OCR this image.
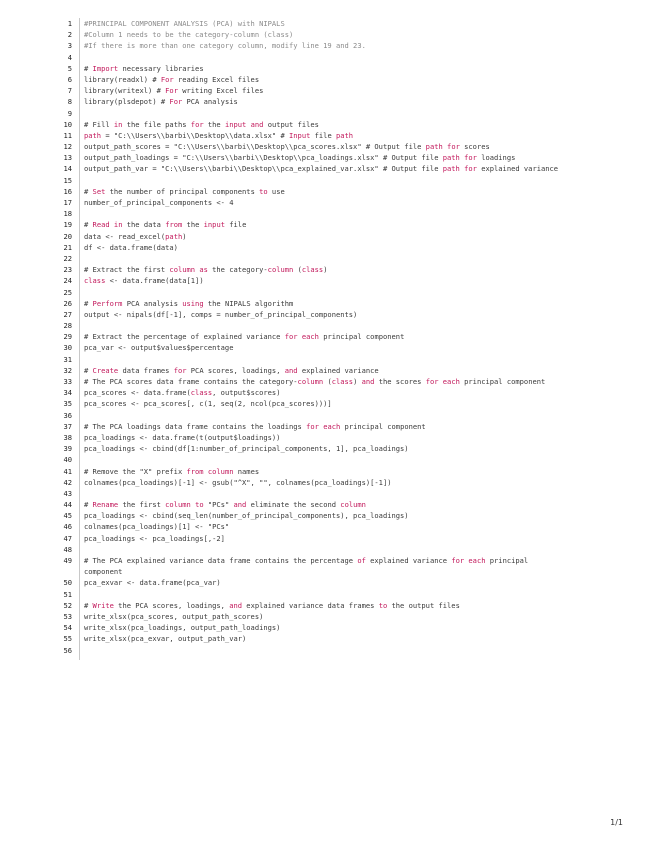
1 #PRINCIPAL COMPONENT ANALYSIS (PCA) with NIPALS
2 #Column 1 needs to be the category-column (class)
3 #If there is more than one category column, modify line 19 and 23.
4
5 # Import necessary libraries
6 library(readxl) # For reading Excel files
7 library(writexl) # For writing Excel files
8 library(plsdepot) # For PCA analysis
9
10 # Fill in the file paths for the input and output files
11 path = "C:\\Users\\barbi\\Desktop\\data.xlsx" # Input file path
12 output_path_scores = "C:\\Users\\barbi\\Desktop\\pca_scores.xlsx" # Output file path for scores
13 output_path_loadings = "C:\\Users\\barbi\\Desktop\\pca_loadings.xlsx" # Output file path for loadings
14 output_path_var = "C:\\Users\\barbi\\Desktop\\pca_explained_var.xlsx" # Output file path for explained variance
15
16 # Set the number of principal components to use
17 number_of_principal_components <- 4
18
19 # Read in the data from the input file
20 data <- read_excel(path)
21 df <- data.frame(data)
22
23 # Extract the first column as the category-column (class)
24 class <- data.frame(data[1])
25
26 # Perform PCA analysis using the NIPALS algorithm
27 output <- nipals(df[-1], comps = number_of_principal_components)
28
29 # Extract the percentage of explained variance for each principal component
30 pca_var <- output$values$percentage
31
32 # Create data frames for PCA scores, loadings, and explained variance
33 # The PCA scores data frame contains the category-column (class) and the scores for each principal component
34 pca_scores <- data.frame(class, output$scores)
35 pca_scores <- pca_scores[, c(1, seq(2, ncol(pca_scores)))]
36
37 # The PCA loadings data frame contains the loadings for each principal component
38 pca_loadings <- data.frame(t(output$loadings))
39 pca_loadings <- cbind(df[1:number_of_principal_components, 1], pca_loadings)
40
41 # Remove the "X" prefix from column names
42 colnames(pca_loadings)[-1] <- gsub("^X", "", colnames(pca_loadings)[-1])
43
44 # Rename the first column to "PCs" and eliminate the second column
45 pca_loadings <- cbind(seq_len(number_of_principal_components), pca_loadings)
46 colnames(pca_loadings)[1] <- "PCs"
47 pca_loadings <- pca_loadings[,-2]
48
49 # The PCA explained variance data frame contains the percentage of explained variance for each principal component
50 pca_exvar <- data.frame(pca_var)
51
52 # Write the PCA scores, loadings, and explained variance data frames to the output files
53 write_xlsx(pca_scores, output_path_scores)
54 write_xlsx(pca_loadings, output_path_loadings)
55 write_xlsx(pca_exvar, output_path_var)
56
1/1
